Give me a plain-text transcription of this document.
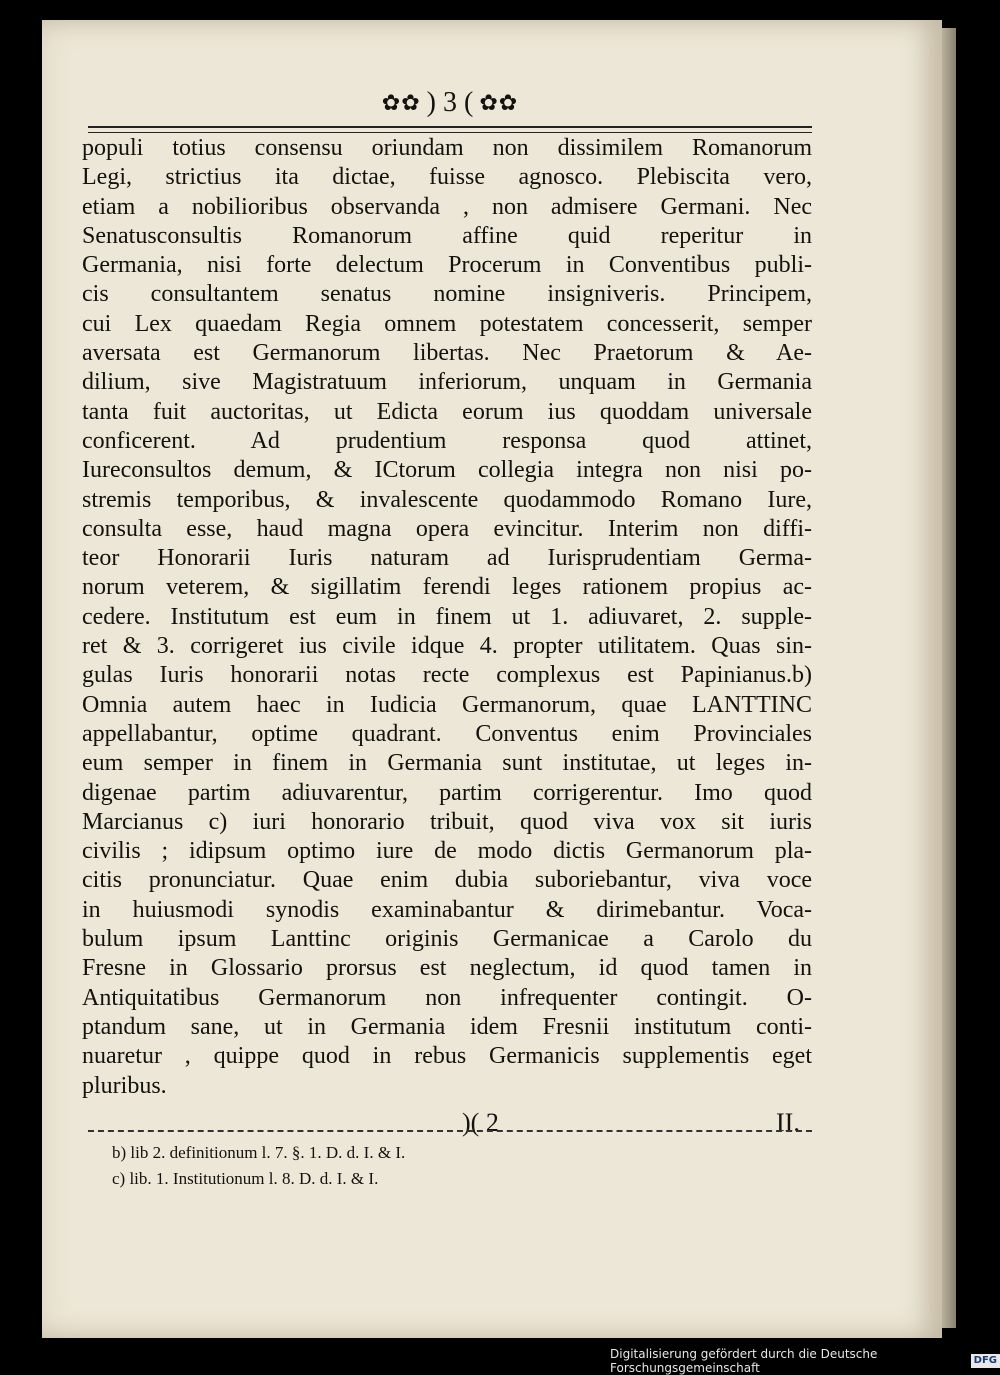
✿✿ ) 3 ( ✿✿
populi totius consensu oriundam non dissimilem Romanorum
Legi, strictius ita dictae, fuisse agnosco. Plebiscita vero,
etiam a nobilioribus observanda , non admisere Germani. Nec
Senatusconsultis Romanorum affine quid reperitur in
Germania, nisi forte delectum Procerum in Conventibus publi-
cis consultantem senatus nomine insigniveris. Principem,
cui Lex quaedam Regia omnem potestatem concesserit, semper
aversata est Germanorum libertas. Nec Praetorum & Ae-
dilium, sive Magistratuum inferiorum, unquam in Germania
tanta fuit auctoritas, ut Edicta eorum ius quoddam universale
conficerent. Ad prudentium responsa quod attinet,
Iureconsultos demum, & ICtorum collegia integra non nisi po-
stremis temporibus, & invalescente quodammodo Romano Iure,
consulta esse, haud magna opera evincitur. Interim non diffi-
teor Honorarii Iuris naturam ad Iurisprudentiam Germa-
norum veterem, & sigillatim ferendi leges rationem propius ac-
cedere. Institutum est eum in finem ut 1. adiuvaret, 2. supple-
ret & 3. corrigeret ius civile idque 4. propter utilitatem. Quas sin-
gulas Iuris honorarii notas recte complexus est Papinianus.b)
Omnia autem haec in Iudicia Germanorum, quae LANTTINC
appellabantur, optime quadrant. Conventus enim Provinciales
eum semper in finem in Germania sunt institutae, ut leges in-
digenae partim adiuvarentur, partim corrigerentur. Imo quod
Marcianus c) iuri honorario tribuit, quod viva vox sit iuris
civilis ; idipsum optimo iure de modo dictis Germanorum pla-
citis pronunciatur. Quae enim dubia suboriebantur, viva voce
in huiusmodi synodis examinabantur & dirimebantur. Voca-
bulum ipsum Lanttinc originis Germanicae a Carolo du
Fresne in Glossario prorsus est neglectum, id quod tamen in
Antiquitatibus Germanorum non infrequenter contingit. O-
ptandum sane, ut in Germania idem Fresnii institutum conti-
nuaretur , quippe quod in rebus Germanicis supplementis eget
pluribus.
)( 2	II.
b) lib 2. definitionum l. 7. §. 1. D. d. I. & I.
c) lib. 1. Institutionum l. 8. D. d. I. & I.
Digitalisierung gefördert durch die Deutsche Forschungsgemeinschaft
DFG
